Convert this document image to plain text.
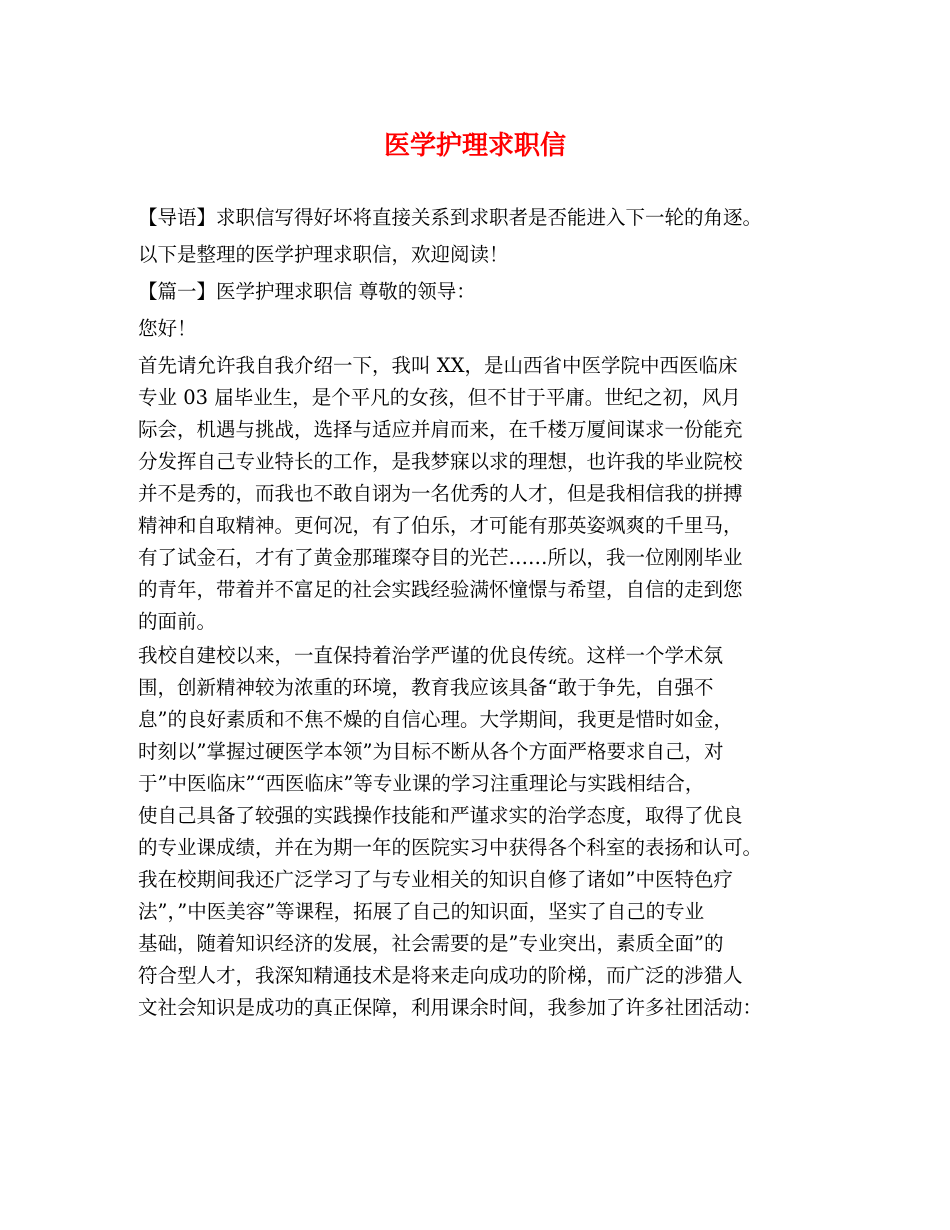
医学护理求职信
【导语】求职信写得好坏将直接关系到求职者是否能进入下一轮的角逐。
以下是整理的医学护理求职信，欢迎阅读！
【篇一】医学护理求职信 尊敬的领导：
您好！
首先请允许我自我介绍一下，我叫 XX，是山西省中医学院中西医临床
专业 03 届毕业生，是个平凡的女孩，但不甘于平庸。世纪之初，风月
际会，机遇与挑战，选择与适应并肩而来，在千楼万厦间谋求一份能充
分发挥自己专业特长的工作，是我梦寐以求的理想，也许我的毕业院校
并不是秀的，而我也不敢自诩为一名优秀的人才，但是我相信我的拼搏
精神和自取精神。更何况，有了伯乐，才可能有那英姿飒爽的千里马，
有了试金石，才有了黄金那璀璨夺目的光芒……所以，我一位刚刚毕业
的青年，带着并不富足的社会实践经验满怀憧憬与希望，自信的走到您
的面前。
我校自建校以来，一直保持着治学严谨的优良传统。这样一个学术氛
围，创新精神较为浓重的环境，教育我应该具备“敢于争先，自强不
息”的良好素质和不焦不燥的自信心理。大学期间，我更是惜时如金，
时刻以”掌握过硬医学本领”为目标不断从各个方面严格要求自己，对
于”中医临床”“西医临床”等专业课的学习注重理论与实践相结合，
使自己具备了较强的实践操作技能和严谨求实的治学态度，取得了优良
的专业课成绩，并在为期一年的医院实习中获得各个科室的表扬和认可。
我在校期间我还广泛学习了与专业相关的知识自修了诸如”中医特色疗
法”，”中医美容”等课程，拓展了自己的知识面，坚实了自己的专业
基础，随着知识经济的发展，社会需要的是”专业突出，素质全面”的
符合型人才，我深知精通技术是将来走向成功的阶梯，而广泛的涉猎人
文社会知识是成功的真正保障，利用课余时间，我参加了许多社团活动：
